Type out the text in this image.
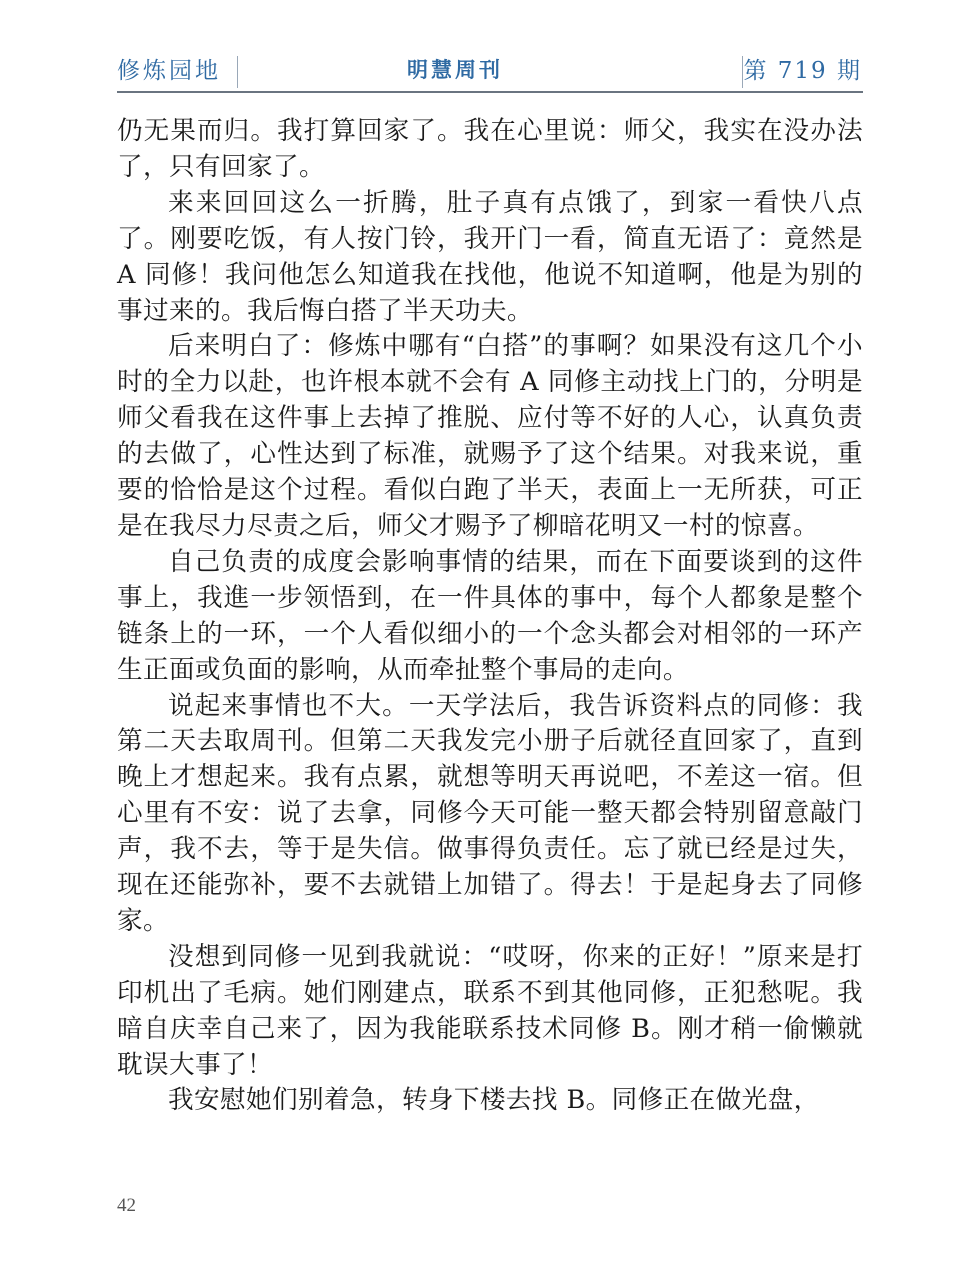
修炼园地	明慧周刊	第 719 期

仍无果而归。我打算回家了。我在心里说：师父，我实在没办法了，只有回家了。

来来回回这么一折腾，肚子真有点饿了，到家一看快八点了。刚要吃饭，有人按门铃，我开门一看，简直无语了：竟然是 A 同修！我问他怎么知道我在找他，他说不知道啊，他是为别的事过来的。我后悔白搭了半天功夫。

后来明白了：修炼中哪有“白搭”的事啊？如果没有这几个小时的全力以赴，也许根本就不会有 A 同修主动找上门的，分明是师父看我在这件事上去掉了推脱、应付等不好的人心，认真负责的去做了，心性达到了标准，就赐予了这个结果。对我来说，重要的恰恰是这个过程。看似白跑了半天，表面上一无所获，可正是在我尽力尽责之后，师父才赐予了柳暗花明又一村的惊喜。

自己负责的成度会影响事情的结果，而在下面要谈到的这件事上，我進一步领悟到，在一件具体的事中，每个人都象是整个链条上的一环，一个人看似细小的一个念头都会对相邻的一环产生正面或负面的影响，从而牵扯整个事局的走向。

说起来事情也不大。一天学法后，我告诉资料点的同修：我第二天去取周刊。但第二天我发完小册子后就径直回家了，直到晚上才想起来。我有点累，就想等明天再说吧，不差这一宿。但心里有不安：说了去拿，同修今天可能一整天都会特别留意敲门声，我不去，等于是失信。做事得负责任。忘了就已经是过失，现在还能弥补，要不去就错上加错了。得去！于是起身去了同修家。

没想到同修一见到我就说：“哎呀，你来的正好！”原来是打印机出了毛病。她们刚建点，联系不到其他同修，正犯愁呢。我暗自庆幸自己来了，因为我能联系技术同修 B。刚才稍一偷懒就耽误大事了！

我安慰她们别着急，转身下楼去找 B。同修正在做光盘，

42
